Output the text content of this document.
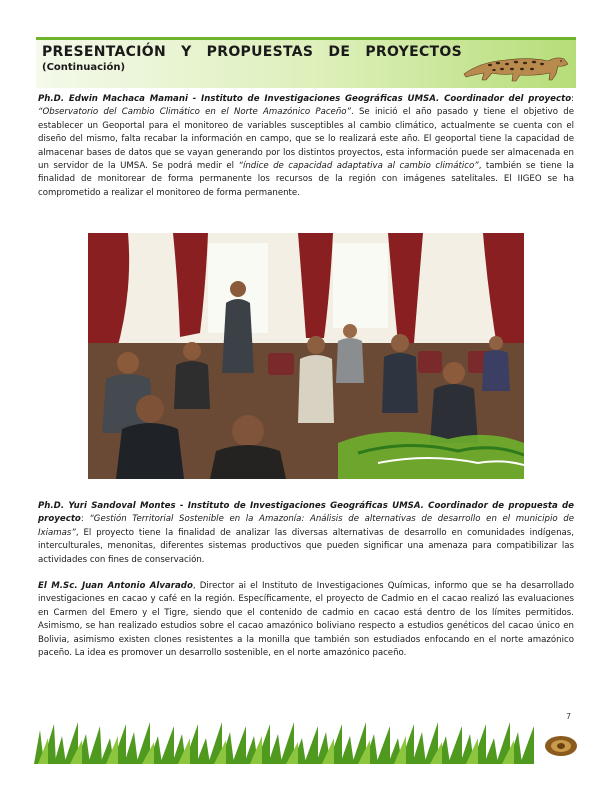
PRESENTACIÓN Y PROPUESTAS DE PROYECTOS
(Continuación)

Ph.D. Edwin Machaca Mamani - Instituto de Investigaciones Geográficas UMSA. Coordinador del proyecto: “Observatorio del Cambio Climático en el Norte Amazónico Paceño”. Se inició el año pasado y tiene el objetivo de establecer un Geoportal para el monitoreo de variables susceptibles al cambio climático, actualmente se cuenta con el diseño del mismo, falta recabar la información en campo, que se lo realizará este año. El geoportal tiene la capacidad de almacenar bases de datos que se vayan generando por los distintos proyectos, esta información puede ser almacenada en un servidor de la UMSA. Se podrá medir el “índice de capacidad adaptativa al cambio climático”, también se tiene la finalidad de monitorear de forma permanente los recursos de la región con imágenes satelitales. El IIGEO se ha comprometido a realizar el monitoreo de forma permanente.

Ph.D. Yuri Sandoval Montes - Instituto de Investigaciones Geográficas UMSA. Coordinador de propuesta de proyecto: “Gestión Territorial Sostenible en la Amazonía: Análisis de alternativas de desarrollo en el municipio de Ixiamas”, El proyecto tiene la finalidad de analizar las diversas alternativas de desarrollo en comunidades indígenas, interculturales, menonitas, diferentes sistemas productivos que pueden significar una amenaza para compatibilizar las actividades con fines de conservación.

El M.Sc. Juan Antonio Alvarado, Director ai el Instituto de Investigaciones Químicas, informo que se ha desarrollado investigaciones en cacao y café en la región. Específicamente, el proyecto de Cadmio en el cacao realizó las evaluaciones en Carmen del Emero y el Tigre, siendo que el contenido de cadmio en cacao está dentro de los límites permitidos. Asimismo, se han realizado estudios sobre el cacao amazónico boliviano respecto a estudios genéticos del cacao único en Bolivia, asimismo existen clones resistentes a la monilla que también son estudiados enfocando en el norte amazónico paceño. La idea es promover un desarrollo sostenible, en el norte amazónico paceño.

7
